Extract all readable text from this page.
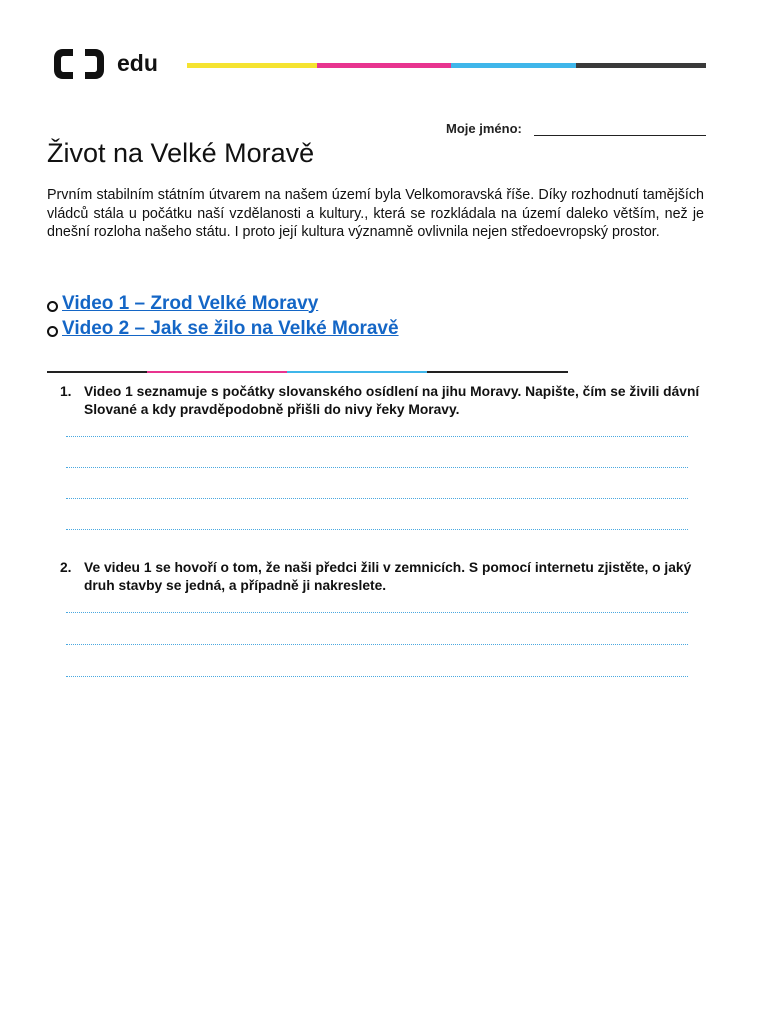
edu
Moje jméno:
Život na Velké Moravě

Prvním stabilním státním útvarem na našem území byla Velkomoravská říše. Díky rozhodnutí tamějších vládců stála u počátku naší vzdělanosti a kultury., která se rozkládala na území daleko větším, než je dnešní rozloha našeho státu. I proto její kultura významně ovlivnila nejen středoevropský prostor.

Video 1 – Zrod Velké Moravy
Video 2 – Jak se žilo na Velké Moravě
1. Video 1 seznamuje s počátky slovanského osídlení na jihu Moravy. Napište, čím se živili dávní Slované a kdy pravděpodobně přišli do nivy řeky Moravy.
2. Ve videu 1 se hovoří o tom, že naši předci žili v zemnicích. S pomocí internetu zjistěte, o jaký druh stavby se jedná, a případně ji nakreslete.
